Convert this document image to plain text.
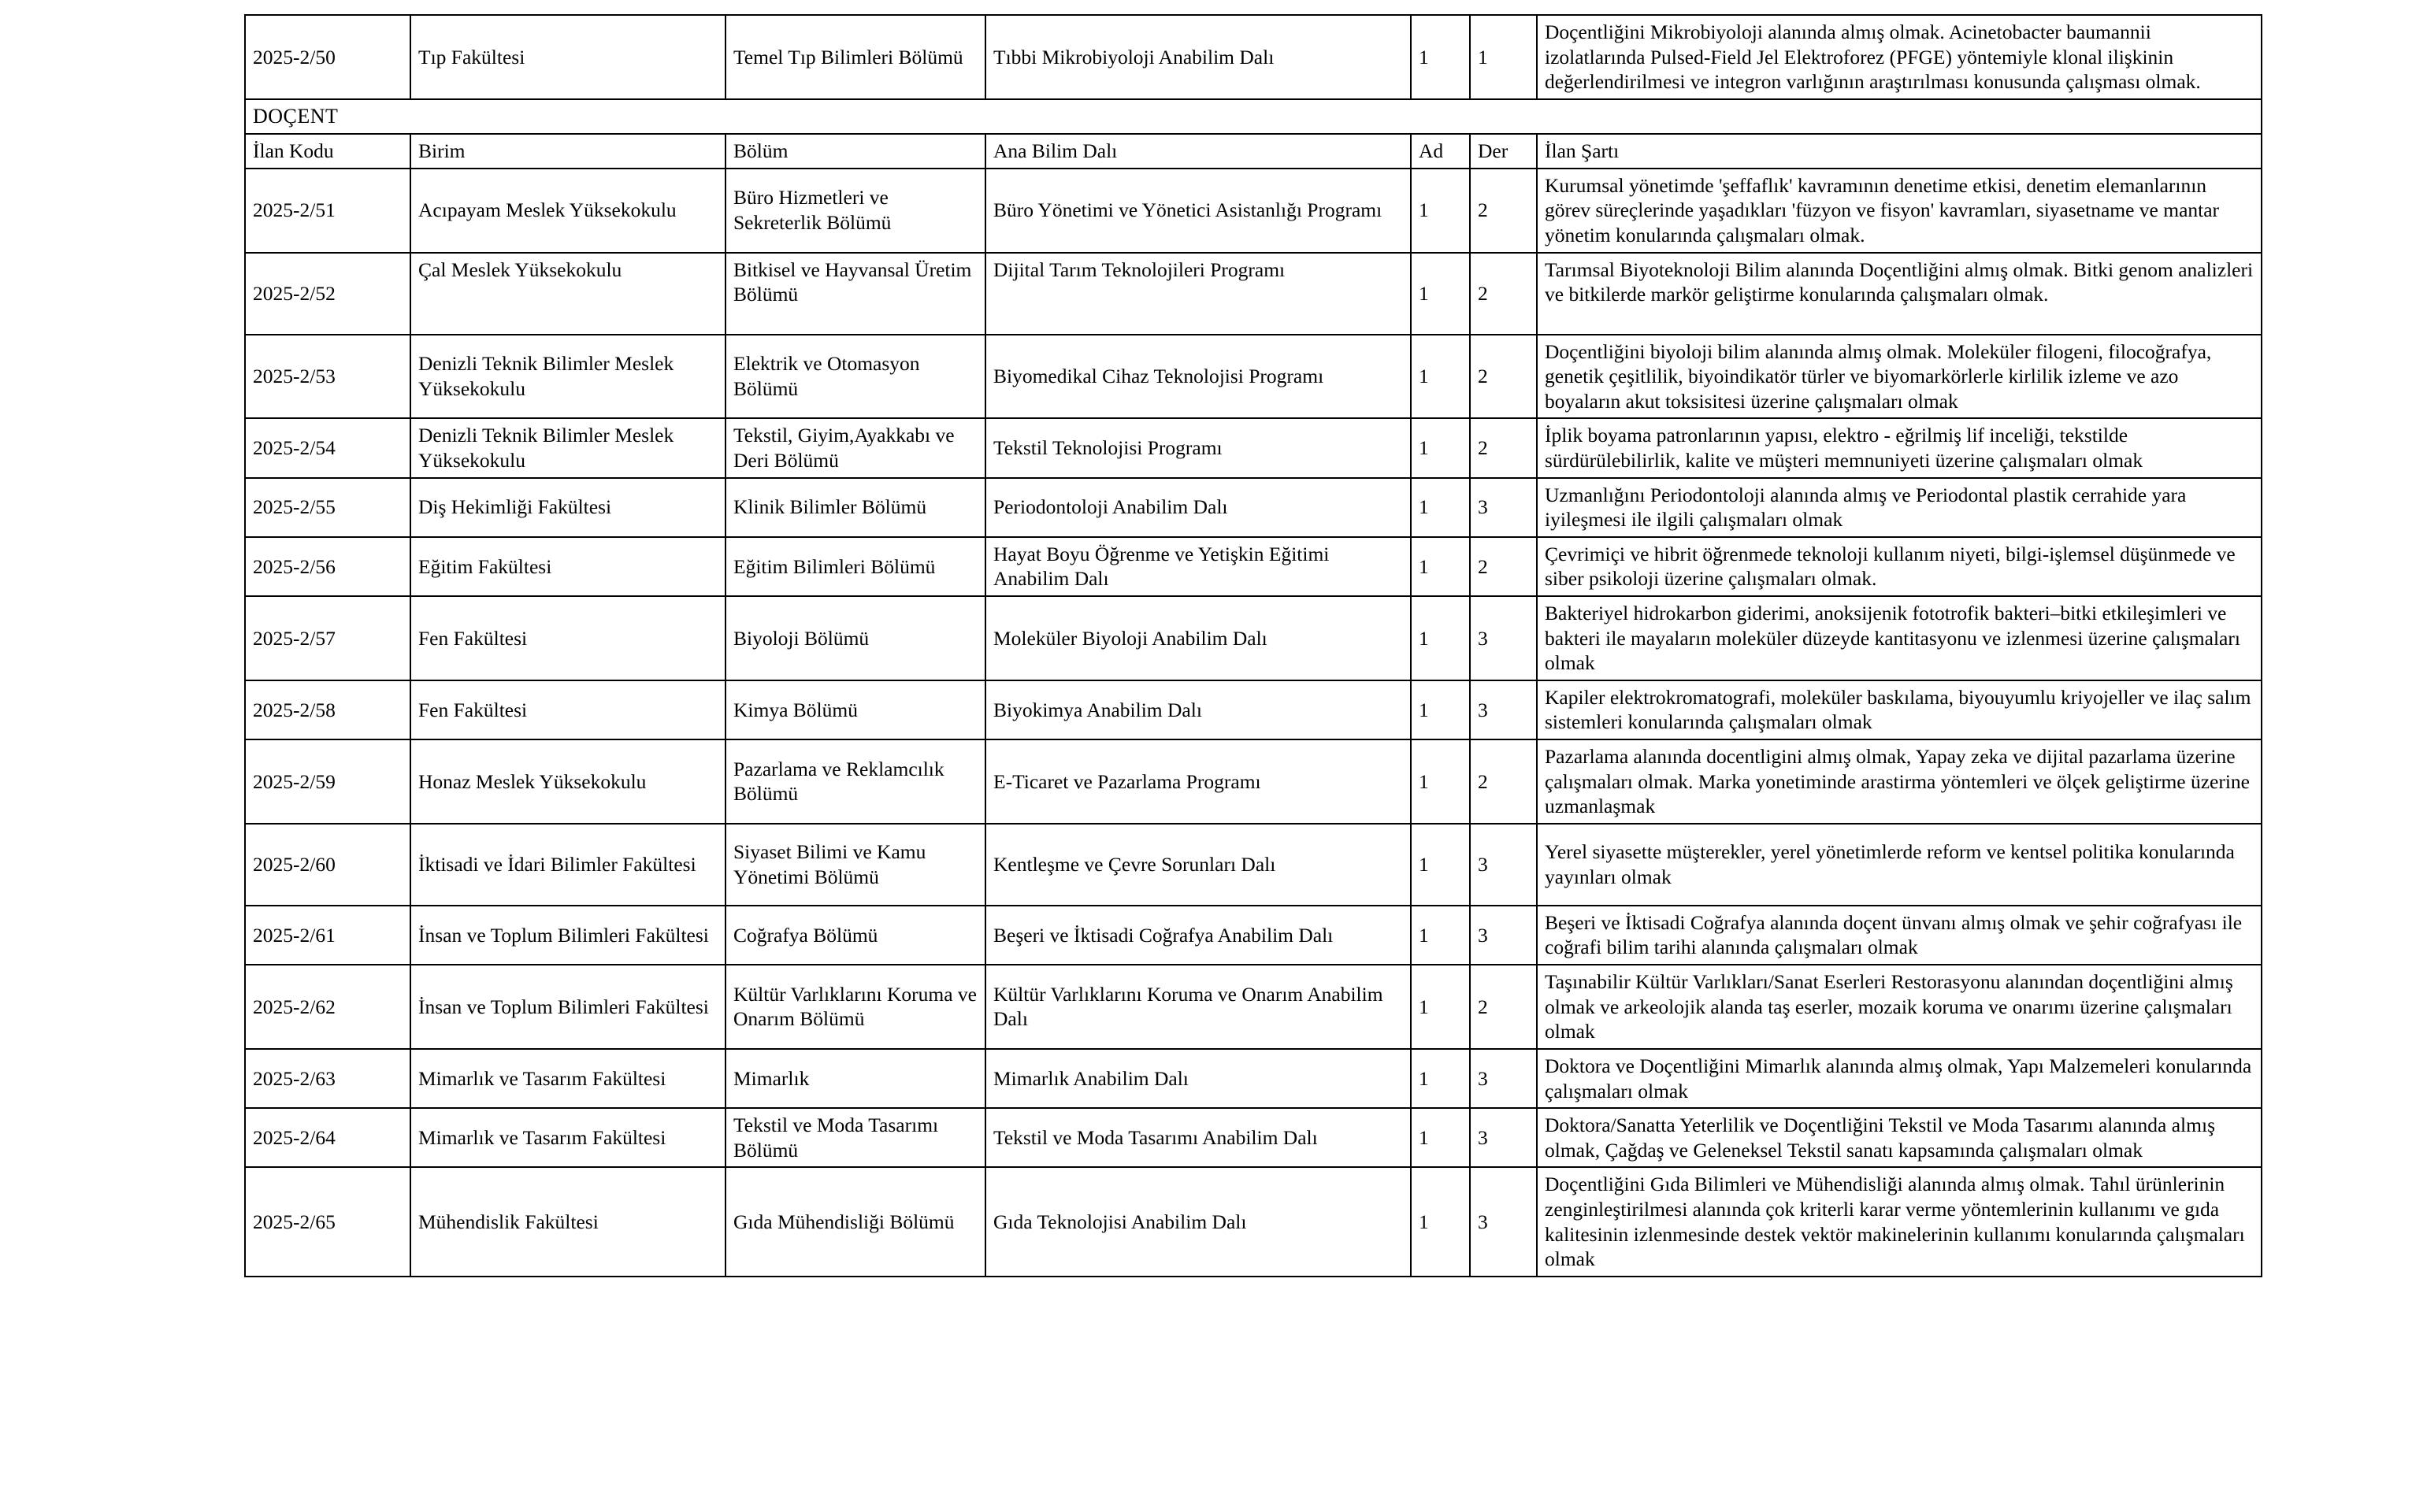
2025-2/50	Tıp Fakültesi	Temel Tıp Bilimleri Bölümü	Tıbbi Mikrobiyoloji Anabilim Dalı	1	1	Doçentliğini Mikrobiyoloji alanında almış olmak. Acinetobacter baumannii izolatlarında Pulsed-Field Jel Elektroforez (PFGE) yöntemiyle klonal ilişkinin değerlendirilmesi ve integron varlığının araştırılması konusunda çalışması olmak.
DOÇENT						
İlan Kodu	Birim	Bölüm	Ana Bilim Dalı	Ad	Der	İlan Şartı
2025-2/51	Acıpayam Meslek Yüksekokulu	Büro Hizmetleri ve Sekreterlik Bölümü	Büro Yönetimi ve Yönetici Asistanlığı Programı	1	2	Kurumsal yönetimde 'şeffaflık' kavramının denetime etkisi, denetim elemanlarının görev süreçlerinde yaşadıkları 'füzyon ve fisyon' kavramları, siyasetname ve mantar yönetim konularında çalışmaları olmak.
2025-2/52	Çal Meslek Yüksekokulu	Bitkisel ve Hayvansal Üretim Bölümü	Dijital Tarım Teknolojileri Programı	1	2	Tarımsal Biyoteknoloji Bilim alanında Doçentliğini almış olmak. Bitki genom analizleri ve bitkilerde markör geliştirme konularında çalışmaları olmak.
2025-2/53	Denizli Teknik Bilimler Meslek Yüksekokulu	Elektrik ve Otomasyon Bölümü	Biyomedikal Cihaz Teknolojisi Programı	1	2	Doçentliğini biyoloji bilim alanında almış olmak. Moleküler filogeni, filocoğrafya, genetik çeşitlilik, biyoindikatör türler ve biyomarkörlerle kirlilik izleme ve azo boyaların akut toksisitesi üzerine çalışmaları olmak
2025-2/54	Denizli Teknik Bilimler Meslek Yüksekokulu	Tekstil, Giyim,Ayakkabı ve Deri Bölümü	Tekstil Teknolojisi Programı	1	2	İplik boyama patronlarının yapısı, elektro - eğrilmiş lif inceliği, tekstilde sürdürülebilirlik, kalite ve müşteri memnuniyeti üzerine çalışmaları olmak
2025-2/55	Diş Hekimliği Fakültesi	Klinik Bilimler Bölümü	Periodontoloji Anabilim Dalı	1	3	Uzmanlığını Periodontoloji alanında almış ve Periodontal plastik cerrahide yara iyileşmesi ile ilgili çalışmaları olmak
2025-2/56	Eğitim Fakültesi	Eğitim Bilimleri Bölümü	Hayat Boyu Öğrenme ve Yetişkin Eğitimi Anabilim Dalı	1	2	Çevrimiçi ve hibrit öğrenmede teknoloji kullanım niyeti, bilgi-işlemsel düşünmede ve siber psikoloji üzerine çalışmaları olmak.
2025-2/57	Fen Fakültesi	Biyoloji Bölümü	Moleküler Biyoloji Anabilim Dalı	1	3	Bakteriyel hidrokarbon giderimi, anoksijenik fototrofik bakteri–bitki etkileşimleri ve bakteri ile mayaların moleküler düzeyde kantitasyonu ve izlenmesi üzerine çalışmaları olmak
2025-2/58	Fen Fakültesi	Kimya Bölümü	Biyokimya Anabilim Dalı	1	3	Kapiler elektrokromatografi, moleküler baskılama, biyouyumlu kriyojeller ve ilaç salım sistemleri konularında çalışmaları olmak
2025-2/59	Honaz Meslek Yüksekokulu	Pazarlama ve Reklamcılık Bölümü	E-Ticaret ve Pazarlama Programı	1	2	Pazarlama alanında docentligini almış olmak, Yapay zeka ve dijital pazarlama üzerine çalışmaları olmak. Marka yonetiminde arastirma yöntemleri ve ölçek geliştirme üzerine uzmanlaşmak
2025-2/60	İktisadi ve İdari Bilimler Fakültesi	Siyaset Bilimi ve Kamu Yönetimi Bölümü	Kentleşme ve Çevre Sorunları Dalı	1	3	Yerel siyasette müşterekler, yerel yönetimlerde reform ve kentsel politika konularında yayınları olmak
2025-2/61	İnsan ve Toplum Bilimleri Fakültesi	Coğrafya Bölümü	Beşeri ve İktisadi Coğrafya Anabilim Dalı	1	3	Beşeri ve İktisadi Coğrafya alanında doçent ünvanı almış olmak ve şehir coğrafyası ile coğrafi bilim tarihi alanında çalışmaları olmak
2025-2/62	İnsan ve Toplum Bilimleri Fakültesi	Kültür Varlıklarını Koruma ve Onarım Bölümü	Kültür Varlıklarını Koruma ve Onarım Anabilim Dalı	1	2	Taşınabilir Kültür Varlıkları/Sanat Eserleri Restorasyonu alanından doçentliğini almış olmak ve arkeolojik alanda taş eserler, mozaik koruma ve onarımı üzerine çalışmaları olmak
2025-2/63	Mimarlık ve Tasarım Fakültesi	Mimarlık	Mimarlık Anabilim Dalı	1	3	Doktora ve Doçentliğini Mimarlık alanında almış olmak, Yapı Malzemeleri konularında çalışmaları olmak
2025-2/64	Mimarlık ve Tasarım Fakültesi	Tekstil ve Moda Tasarımı Bölümü	Tekstil ve Moda Tasarımı Anabilim Dalı	1	3	Doktora/Sanatta Yeterlilik ve Doçentliğini Tekstil ve Moda Tasarımı alanında almış olmak, Çağdaş ve Geleneksel Tekstil sanatı kapsamında çalışmaları olmak
2025-2/65	Mühendislik Fakültesi	Gıda Mühendisliği Bölümü	Gıda Teknolojisi Anabilim Dalı	1	3	Doçentliğini Gıda Bilimleri ve Mühendisliği alanında almış olmak. Tahıl ürünlerinin zenginleştirilmesi alanında çok kriterli karar verme yöntemlerinin kullanımı ve gıda kalitesinin izlenmesinde destek vektör makinelerinin kullanımı konularında çalışmaları olmak
